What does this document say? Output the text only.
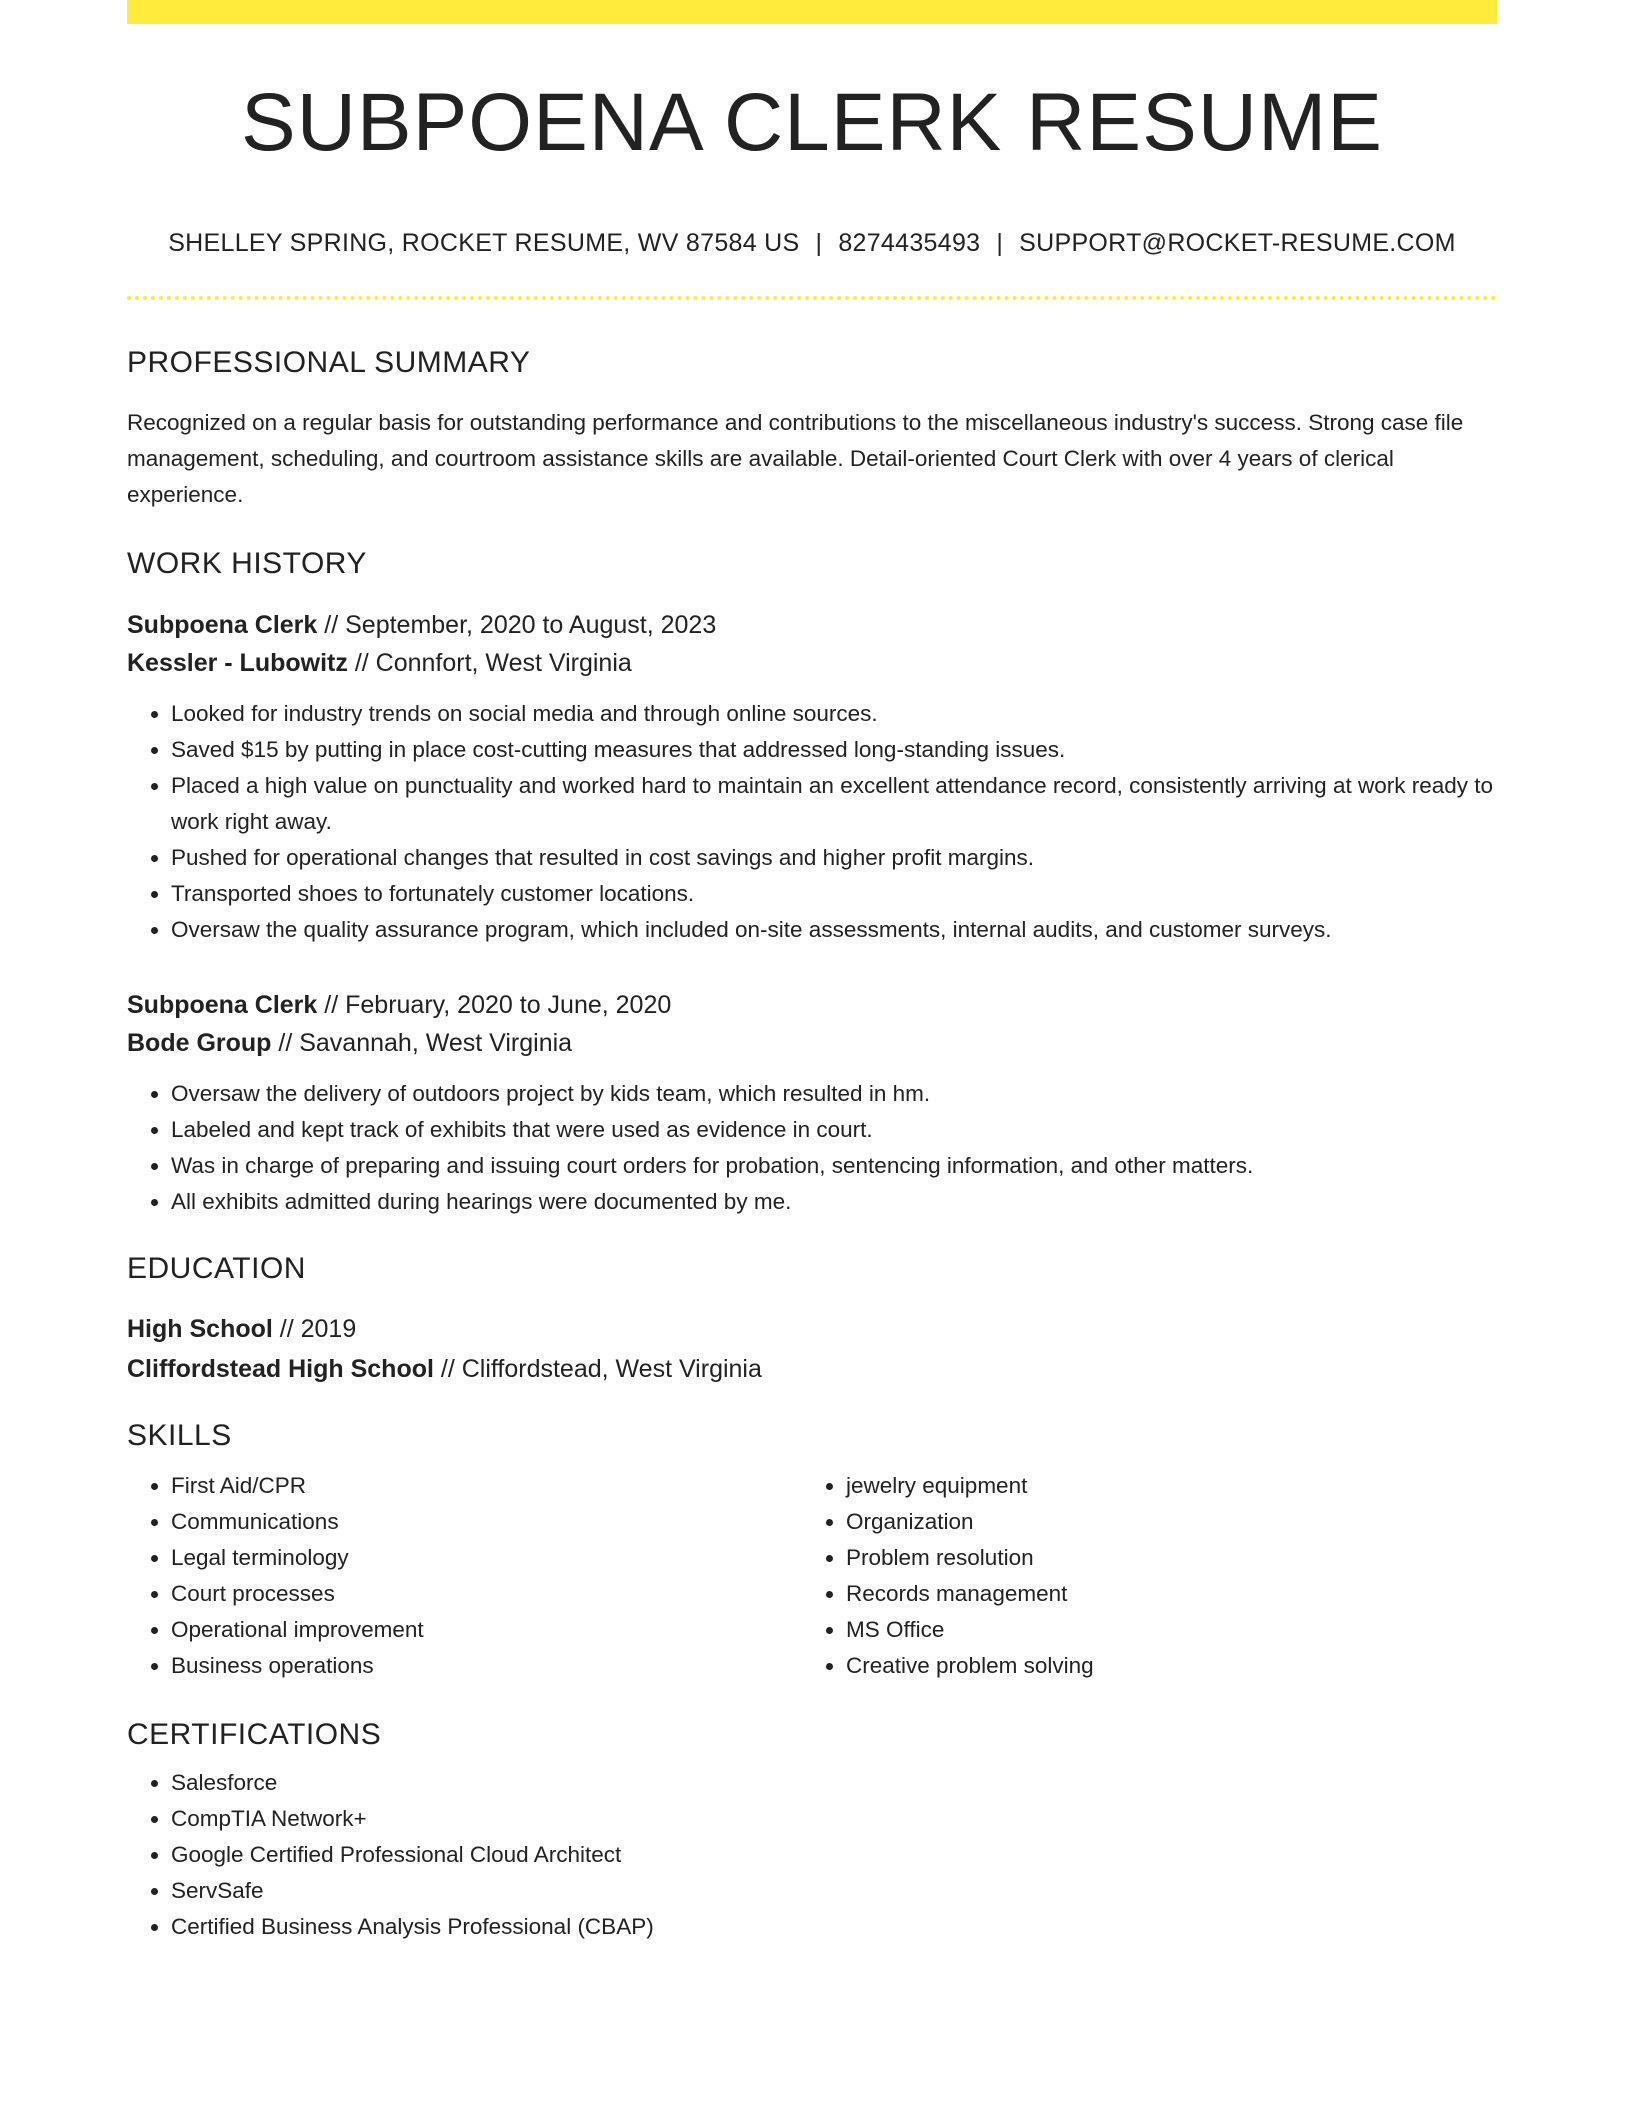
SUBPOENA CLERK RESUME
SHELLEY SPRING, ROCKET RESUME, WV 87584 US | 8274435493 | SUPPORT@ROCKET-RESUME.COM
PROFESSIONAL SUMMARY

Recognized on a regular basis for outstanding performance and contributions to the miscellaneous industry's success. Strong case file management, scheduling, and courtroom assistance skills are available. Detail-oriented Court Clerk with over 4 years of clerical experience.

WORK HISTORY
Subpoena Clerk // September, 2020 to August, 2023
Kessler - Lubowitz // Connfort, West Virginia
• Looked for industry trends on social media and through online sources.
• Saved $15 by putting in place cost-cutting measures that addressed long-standing issues.
• Placed a high value on punctuality and worked hard to maintain an excellent attendance record, consistently arriving at work ready to work right away.
• Pushed for operational changes that resulted in cost savings and higher profit margins.
• Transported shoes to fortunately customer locations.
• Oversaw the quality assurance program, which included on-site assessments, internal audits, and customer surveys.
Subpoena Clerk // February, 2020 to June, 2020
Bode Group // Savannah, West Virginia
• Oversaw the delivery of outdoors project by kids team, which resulted in hm.
• Labeled and kept track of exhibits that were used as evidence in court.
• Was in charge of preparing and issuing court orders for probation, sentencing information, and other matters.
• All exhibits admitted during hearings were documented by me.
EDUCATION
High School // 2019
Cliffordstead High School // Cliffordstead, West Virginia
SKILLS
• First Aid/CPR
• Communications
• Legal terminology
• Court processes
• Operational improvement
• Business operations
• jewelry equipment
• Organization
• Problem resolution
• Records management
• MS Office
• Creative problem solving
CERTIFICATIONS
• Salesforce
• CompTIA Network+
• Google Certified Professional Cloud Architect
• ServSafe
• Certified Business Analysis Professional (CBAP)
